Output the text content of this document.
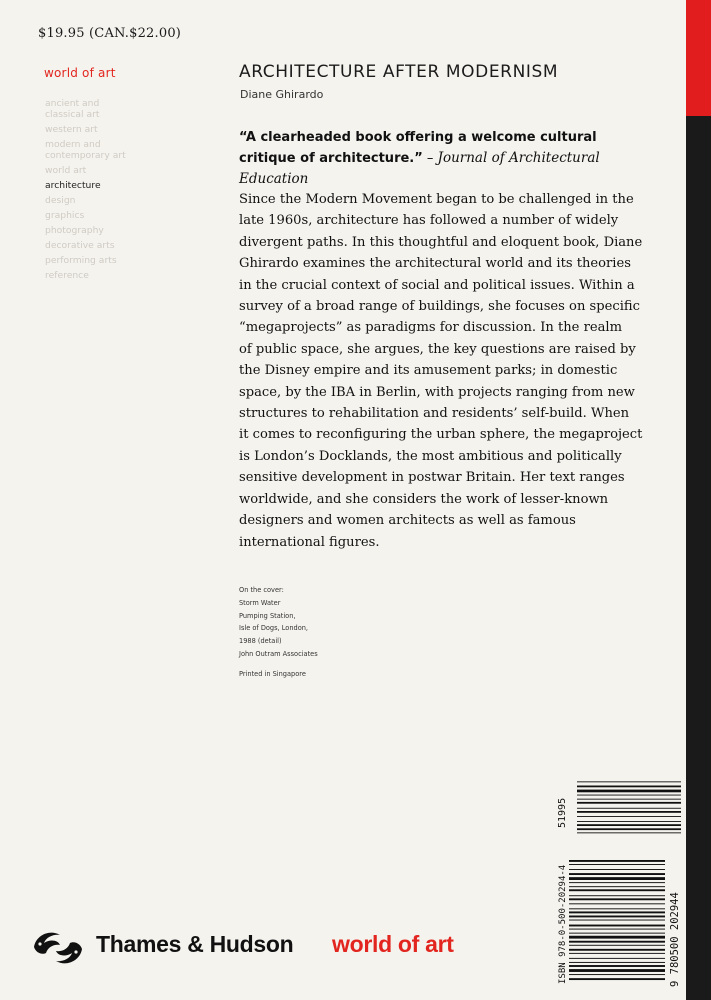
$19.95 (CAN.$22.00)
world of art
ancient and
classical art
western art
modern and
contemporary art
world art
architecture
design
graphics
photography
decorative arts
performing arts
reference
ARCHITECTURE AFTER MODERNISM
Diane Ghirardo
“A clearheaded book offering a welcome cultural critique of architecture.” – Journal of Architectural Education
Since the Modern Movement began to be challenged in the
late 1960s, architecture has followed a number of widely
divergent paths. In this thoughtful and eloquent book, Diane
Ghirardo examines the architectural world and its theories
in the crucial context of social and political issues. Within a
survey of a broad range of buildings, she focuses on specific
“megaprojects” as paradigms for discussion. In the realm
of public space, she argues, the key questions are raised by
the Disney empire and its amusement parks; in domestic
space, by the IBA in Berlin, with projects ranging from new
structures to rehabilitation and residents’ self-build. When
it comes to reconfiguring the urban sphere, the megaproject
is London’s Docklands, the most ambitious and politically
sensitive development in postwar Britain. Her text ranges
worldwide, and she considers the work of lesser-known
designers and women architects as well as famous
international figures.
On the cover:
Storm Water
Pumping Station,
Isle of Dogs, London,
1988 (detail)
John Outram Associates
Printed in Singapore
ISBN 978-0-500-20294-4	9 780500 202944
51995
Thames & Hudson world of art
